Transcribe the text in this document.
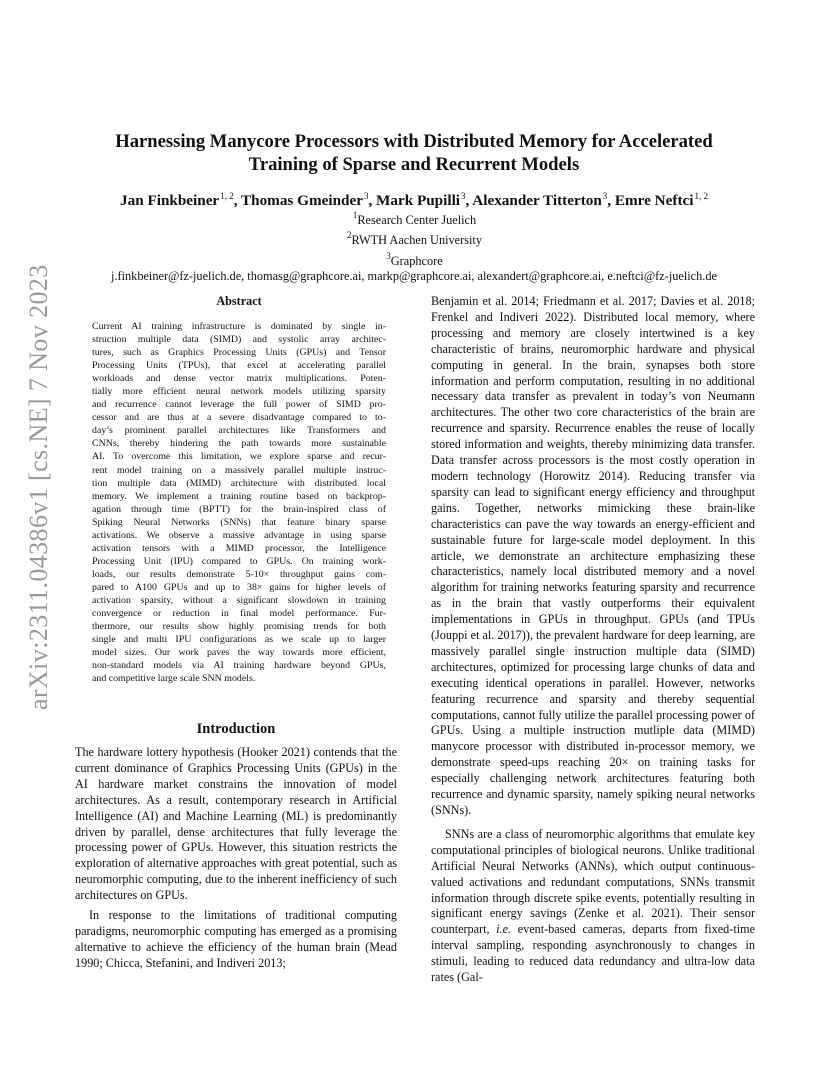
arXiv:2311.04386v1 [cs.NE] 7 Nov 2023
Harnessing Manycore Processors with Distributed Memory for Accelerated
Training of Sparse and Recurrent Models
Jan Finkbeiner$^{1, 2}$, Thomas Gmeinder$^3$, Mark Pupilli$^3$, Alexander Titterton$^3$, Emre Neftci$^{1, 2}$
$^1$Research Center Juelich
$^2$RWTH Aachen University
$^3$Graphcore
j.finkbeiner@fz-juelich.de, thomasg@graphcore.ai, markp@graphcore.ai, alexandert@graphcore.ai, e.neftci@fz-juelich.de
Abstract

Current AI training infrastructure is dominated by single in-
struction multiple data (SIMD) and systolic array architec-
tures, such as Graphics Processing Units (GPUs) and Tensor
Processing Units (TPUs), that excel at accelerating parallel
workloads and dense vector matrix multiplications. Poten-
tially more efficient neural network models utilizing sparsity
and recurrence cannot leverage the full power of SIMD pro-
cessor and are thus at a severe disadvantage compared to to-
day’s prominent parallel architectures like Transformers and
CNNs, thereby hindering the path towards more sustainable
AI. To overcome this limitation, we explore sparse and recur-
rent model training on a massively parallel multiple instruc-
tion multiple data (MIMD) architecture with distributed local
memory. We implement a training routine based on backprop-
agation through time (BPTT) for the brain-inspired class of
Spiking Neural Networks (SNNs) that feature binary sparse
activations. We observe a massive advantage in using sparse
activation tensors with a MIMD processor, the Intelligence
Processing Unit (IPU) compared to GPUs. On training work-
loads, our results demonstrate 5-10× throughput gains com-
pared to A100 GPUs and up to 38× gains for higher levels of
activation sparsity, without a significant slowdown in training
convergence or reduction in final model performance. Fur-
thermore, our results show highly promising trends for both
single and multi IPU configurations as we scale up to larger
model sizes. Our work paves the way towards more efficient,
non-standard models via AI training hardware beyond GPUs,
and competitive large scale SNN models.

Introduction

The hardware lottery hypothesis (Hooker 2021) contends that the current dominance of Graphics Processing Units (GPUs) in the AI hardware market constrains the innovation of model architectures. As a result, contemporary research in Artificial Intelligence (AI) and Machine Learning (ML) is predominantly driven by parallel, dense architectures that fully leverage the processing power of GPUs. However, this situation restricts the exploration of alternative approaches with great potential, such as neuromorphic computing, due to the inherent inefficiency of such architectures on GPUs.

In response to the limitations of traditional computing paradigms, neuromorphic computing has emerged as a promising alternative to achieve the efficiency of the human brain (Mead 1990; Chicca, Stefanini, and Indiveri 2013;

Benjamin et al. 2014; Friedmann et al. 2017; Davies et al. 2018; Frenkel and Indiveri 2022). Distributed local memory, where processing and memory are closely intertwined is a key characteristic of brains, neuromorphic hardware and physical computing in general. In the brain, synapses both store information and perform computation, resulting in no additional necessary data transfer as prevalent in today’s von Neumann architectures. The other two core characteristics of the brain are recurrence and sparsity. Recurrence enables the reuse of locally stored information and weights, thereby minimizing data transfer. Data transfer across processors is the most costly operation in modern technology (Horowitz 2014). Reducing transfer via sparsity can lead to significant energy efficiency and throughput gains. Together, networks mimicking these brain-like characteristics can pave the way towards an energy-efficient and sustainable future for large-scale model deployment. In this article, we demonstrate an architecture emphasizing these characteristics, namely local distributed memory and a novel algorithm for training networks featuring sparsity and recurrence as in the brain that vastly outperforms their equivalent implementations in GPUs in throughput. GPUs (and TPUs (Jouppi et al. 2017)), the prevalent hardware for deep learning, are massively parallel single instruction multiple data (SIMD) architectures, optimized for processing large chunks of data and executing identical operations in parallel. However, networks featuring recurrence and sparsity and thereby sequential computations, cannot fully utilize the parallel processing power of GPUs. Using a multiple instruction mutliple data (MIMD) manycore processor with distributed in-processor memory, we demonstrate speed-ups reaching 20× on training tasks for especially challenging network architectures featuring both recurrence and dynamic sparsity, namely spiking neural networks (SNNs).

SNNs are a class of neuromorphic algorithms that emulate key computational principles of biological neurons. Unlike traditional Artificial Neural Networks (ANNs), which output continuous-valued activations and redundant computations, SNNs transmit information through discrete spike events, potentially resulting in significant energy savings (Zenke et al. 2021). Their sensor counterpart, i.e. event-based cameras, departs from fixed-time interval sampling, responding asynchronously to changes in stimuli, leading to reduced data redundancy and ultra-low data rates (Gal-
